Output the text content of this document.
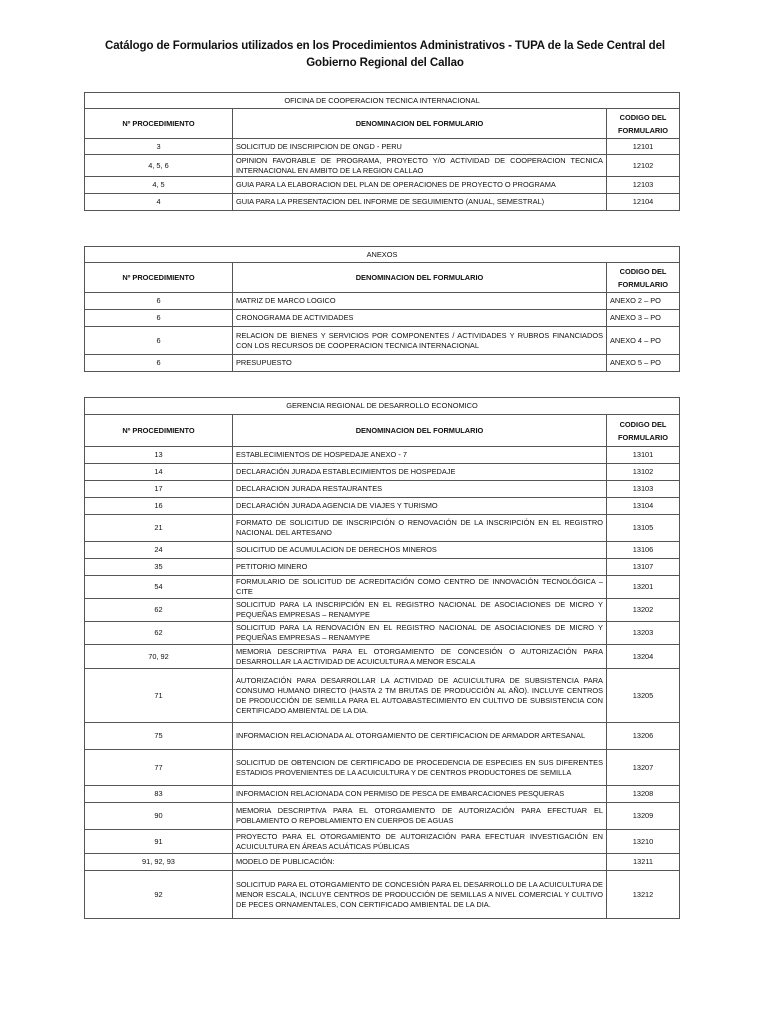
Catálogo de Formularios utilizados en los Procedimientos Administrativos - TUPA de la Sede Central del
Gobierno Regional del Callao
OFICINA DE COOPERACION TECNICA INTERNACIONAL		
Nº PROCEDIMIENTO	DENOMINACION DEL FORMULARIO	CODIGO DEL FORMULARIO
3	SOLICITUD DE INSCRIPCION DE ONGD - PERU	12101
4, 5, 6	OPINION FAVORABLE DE PROGRAMA, PROYECTO Y/O ACTIVIDAD DE COOPERACION TECNICA INTERNACIONAL EN AMBITO DE LA REGION CALLAO	12102
4, 5	GUIA PARA LA ELABORACION DEL PLAN DE OPERACIONES DE PROYECTO O PROGRAMA	12103
4	GUIA PARA LA PRESENTACION DEL INFORME DE SEGUIMIENTO (ANUAL, SEMESTRAL)	12104
ANEXOS		
Nº PROCEDIMIENTO	DENOMINACION DEL FORMULARIO	CODIGO DEL FORMULARIO
6	MATRIZ DE MARCO LOGICO	ANEXO 2 – PO
6	CRONOGRAMA DE ACTIVIDADES	ANEXO 3 – PO
6	RELACION DE BIENES Y SERVICIOS POR COMPONENTES / ACTIVIDADES Y RUBROS FINANCIADOS CON LOS RECURSOS DE COOPERACION TECNICA INTERNACIONAL	ANEXO 4 – PO
6	PRESUPUESTO	ANEXO 5 – PO
GERENCIA REGIONAL DE DESARROLLO ECONOMICO		
Nº PROCEDIMIENTO	DENOMINACION DEL FORMULARIO	CODIGO DEL FORMULARIO
13	ESTABLECIMIENTOS DE HOSPEDAJE ANEXO - 7	13101
14	DECLARACIÓN JURADA ESTABLECIMIENTOS DE HOSPEDAJE	13102
17	DECLARACION JURADA RESTAURANTES	13103
16	DECLARACIÓN JURADA AGENCIA DE VIAJES Y TURISMO	13104
21	FORMATO DE SOLICITUD DE INSCRIPCIÓN O RENOVACIÓN DE LA INSCRIPCIÓN EN EL REGISTRO NACIONAL DEL ARTESANO	13105
24	SOLICITUD DE ACUMULACION DE DERECHOS MINEROS	13106
35	PETITORIO MINERO	13107
54	FORMULARIO DE SOLICITUD DE ACREDITACIÓN COMO CENTRO DE INNOVACIÓN TECNOLÓGICA – CITE	13201
62	SOLICITUD PARA LA INSCRIPCIÓN EN EL REGISTRO NACIONAL DE ASOCIACIONES DE MICRO Y PEQUEÑAS EMPRESAS – RENAMYPE	13202
62	SOLICITUD PARA LA RENOVACIÓN EN EL REGISTRO NACIONAL DE ASOCIACIONES DE MICRO Y PEQUEÑAS EMPRESAS – RENAMYPE	13203
70, 92	MEMORIA DESCRIPTIVA PARA EL OTORGAMIENTO DE CONCESIÓN O AUTORIZACIÓN PARA DESARROLLAR LA ACTIVIDAD DE ACUICULTURA A MENOR ESCALA	13204
71	AUTORIZACIÓN PARA DESARROLLAR LA ACTIVIDAD DE ACUICULTURA DE SUBSISTENCIA PARA CONSUMO HUMANO DIRECTO (HASTA 2 TM BRUTAS DE PRODUCCIÓN AL AÑO). INCLUYE CENTROS DE PRODUCCIÓN DE SEMILLA PARA EL AUTOABASTECIMIENTO EN CULTIVO DE SUBSISTENCIA CON CERTIFICADO AMBIENTAL DE LA DIA.	13205
75	INFORMACION RELACIONADA AL OTORGAMIENTO DE CERTIFICACION DE ARMADOR ARTESANAL	13206
77	SOLICITUD DE OBTENCION DE CERTIFICADO DE PROCEDENCIA DE ESPECIES EN SUS DIFERENTES ESTADIOS PROVENIENTES DE LA ACUICULTURA Y DE CENTROS PRODUCTORES DE SEMILLA	13207
83	INFORMACION RELACIONADA CON PERMISO DE PESCA DE EMBARCACIONES PESQUERAS	13208
90	MEMORIA DESCRIPTIVA PARA EL OTORGAMIENTO DE AUTORIZACIÓN PARA EFECTUAR EL POBLAMIENTO O REPOBLAMIENTO EN CUERPOS DE AGUAS	13209
91	PROYECTO PARA EL OTORGAMIENTO DE AUTORIZACIÓN PARA EFECTUAR INVESTIGACIÓN EN ACUICULTURA EN ÁREAS ACUÁTICAS PÚBLICAS	13210
91, 92, 93	MODELO DE PUBLICACIÓN:	13211
92	SOLICITUD PARA EL OTORGAMIENTO DE CONCESIÓN PARA EL DESARROLLO DE LA ACUICULTURA DE MENOR ESCALA, INCLUYE CENTROS DE PRODUCCIÓN DE SEMILLAS A NIVEL COMERCIAL Y CULTIVO DE PECES ORNAMENTALES, CON CERTIFICADO AMBIENTAL DE LA DIA.	13212
